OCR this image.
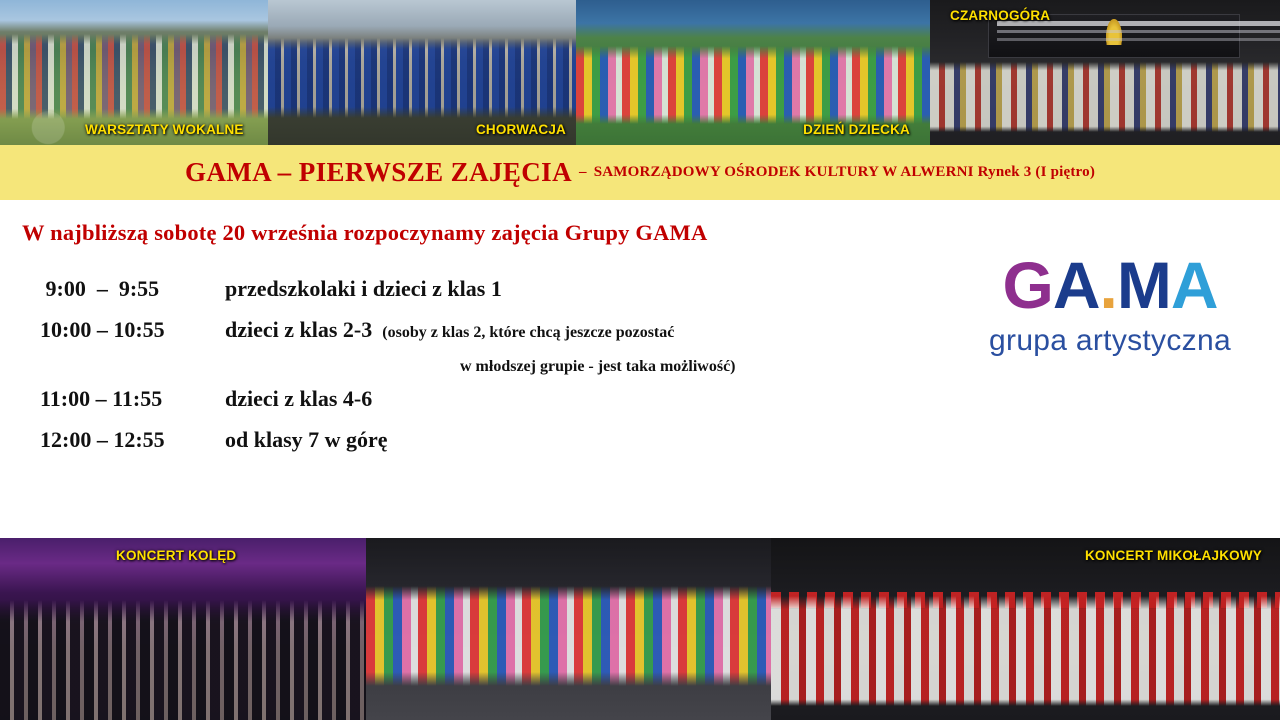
WARSZTATY WOKALNE	CHORWACJA	DZIEŃ DZIECKA
CZARNOGÓRA
GAMA – PIERWSZE ZAJĘCIA – SAMORZĄDOWY OŚRODEK KULTURY W ALWERNI Rynek 3 (I piętro)
W najbliższą sobotę 20 września rozpoczynamy zajęcia Grupy GAMA
9:00  –  9:55	przedszkolaki i dzieci z klas 1
10:00 – 10:55	dzieci z klas 2-3 (osoby z klas 2, które chcą jeszcze pozostać
w młodszej grupie - jest taka możliwość)
11:00 – 11:55	dzieci z klas 4-6
12:00 – 12:55	od klasy 7 w górę
GA.MA
grupa artystyczna
KONCERT KOLĘD	KONCERT MIKOŁAJKOWY
